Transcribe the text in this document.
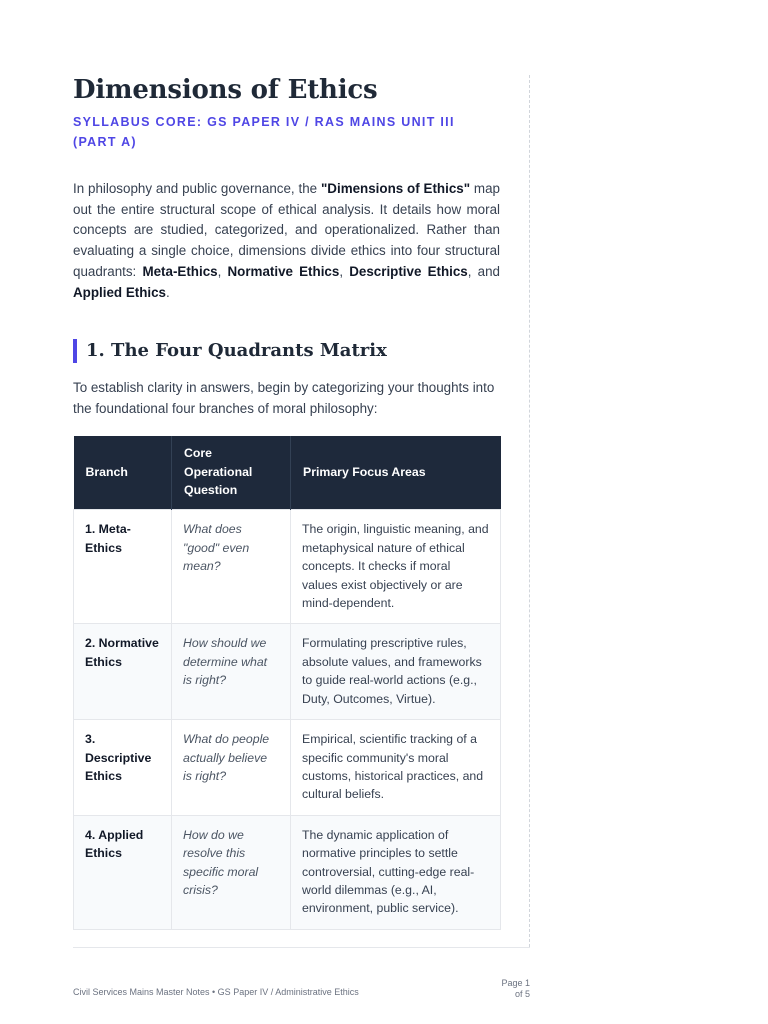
Dimensions of Ethics
SYLLABUS CORE: GS PAPER IV / RAS MAINS UNIT III (PART A)

In philosophy and public governance, the "Dimensions of Ethics" map out the entire structural scope of ethical analysis. It details how moral concepts are studied, categorized, and operationalized. Rather than evaluating a single choice, dimensions divide ethics into four structural quadrants: Meta-Ethics, Normative Ethics, Descriptive Ethics, and Applied Ethics.

1. The Four Quadrants Matrix

To establish clarity in answers, begin by categorizing your thoughts into the foundational four branches of moral philosophy:

Branch	Core Operational Question	Primary Focus Areas
1. Meta-Ethics	What does "good" even mean?	The origin, linguistic meaning, and metaphysical nature of ethical concepts. It checks if moral values exist objectively or are mind-dependent.
2. Normative Ethics	How should we determine what is right?	Formulating prescriptive rules, absolute values, and frameworks to guide real-world actions (e.g., Duty, Outcomes, Virtue).
3. Descriptive Ethics	What do people actually believe is right?	Empirical, scientific tracking of a specific community's moral customs, historical practices, and cultural beliefs.
4. Applied Ethics	How do we resolve this specific moral crisis?	The dynamic application of normative principles to settle controversial, cutting-edge real-world dilemmas (e.g., AI, environment, public service).
Civil Services Mains Master Notes • GS Paper IV / Administrative Ethics
Page 1 of 5
